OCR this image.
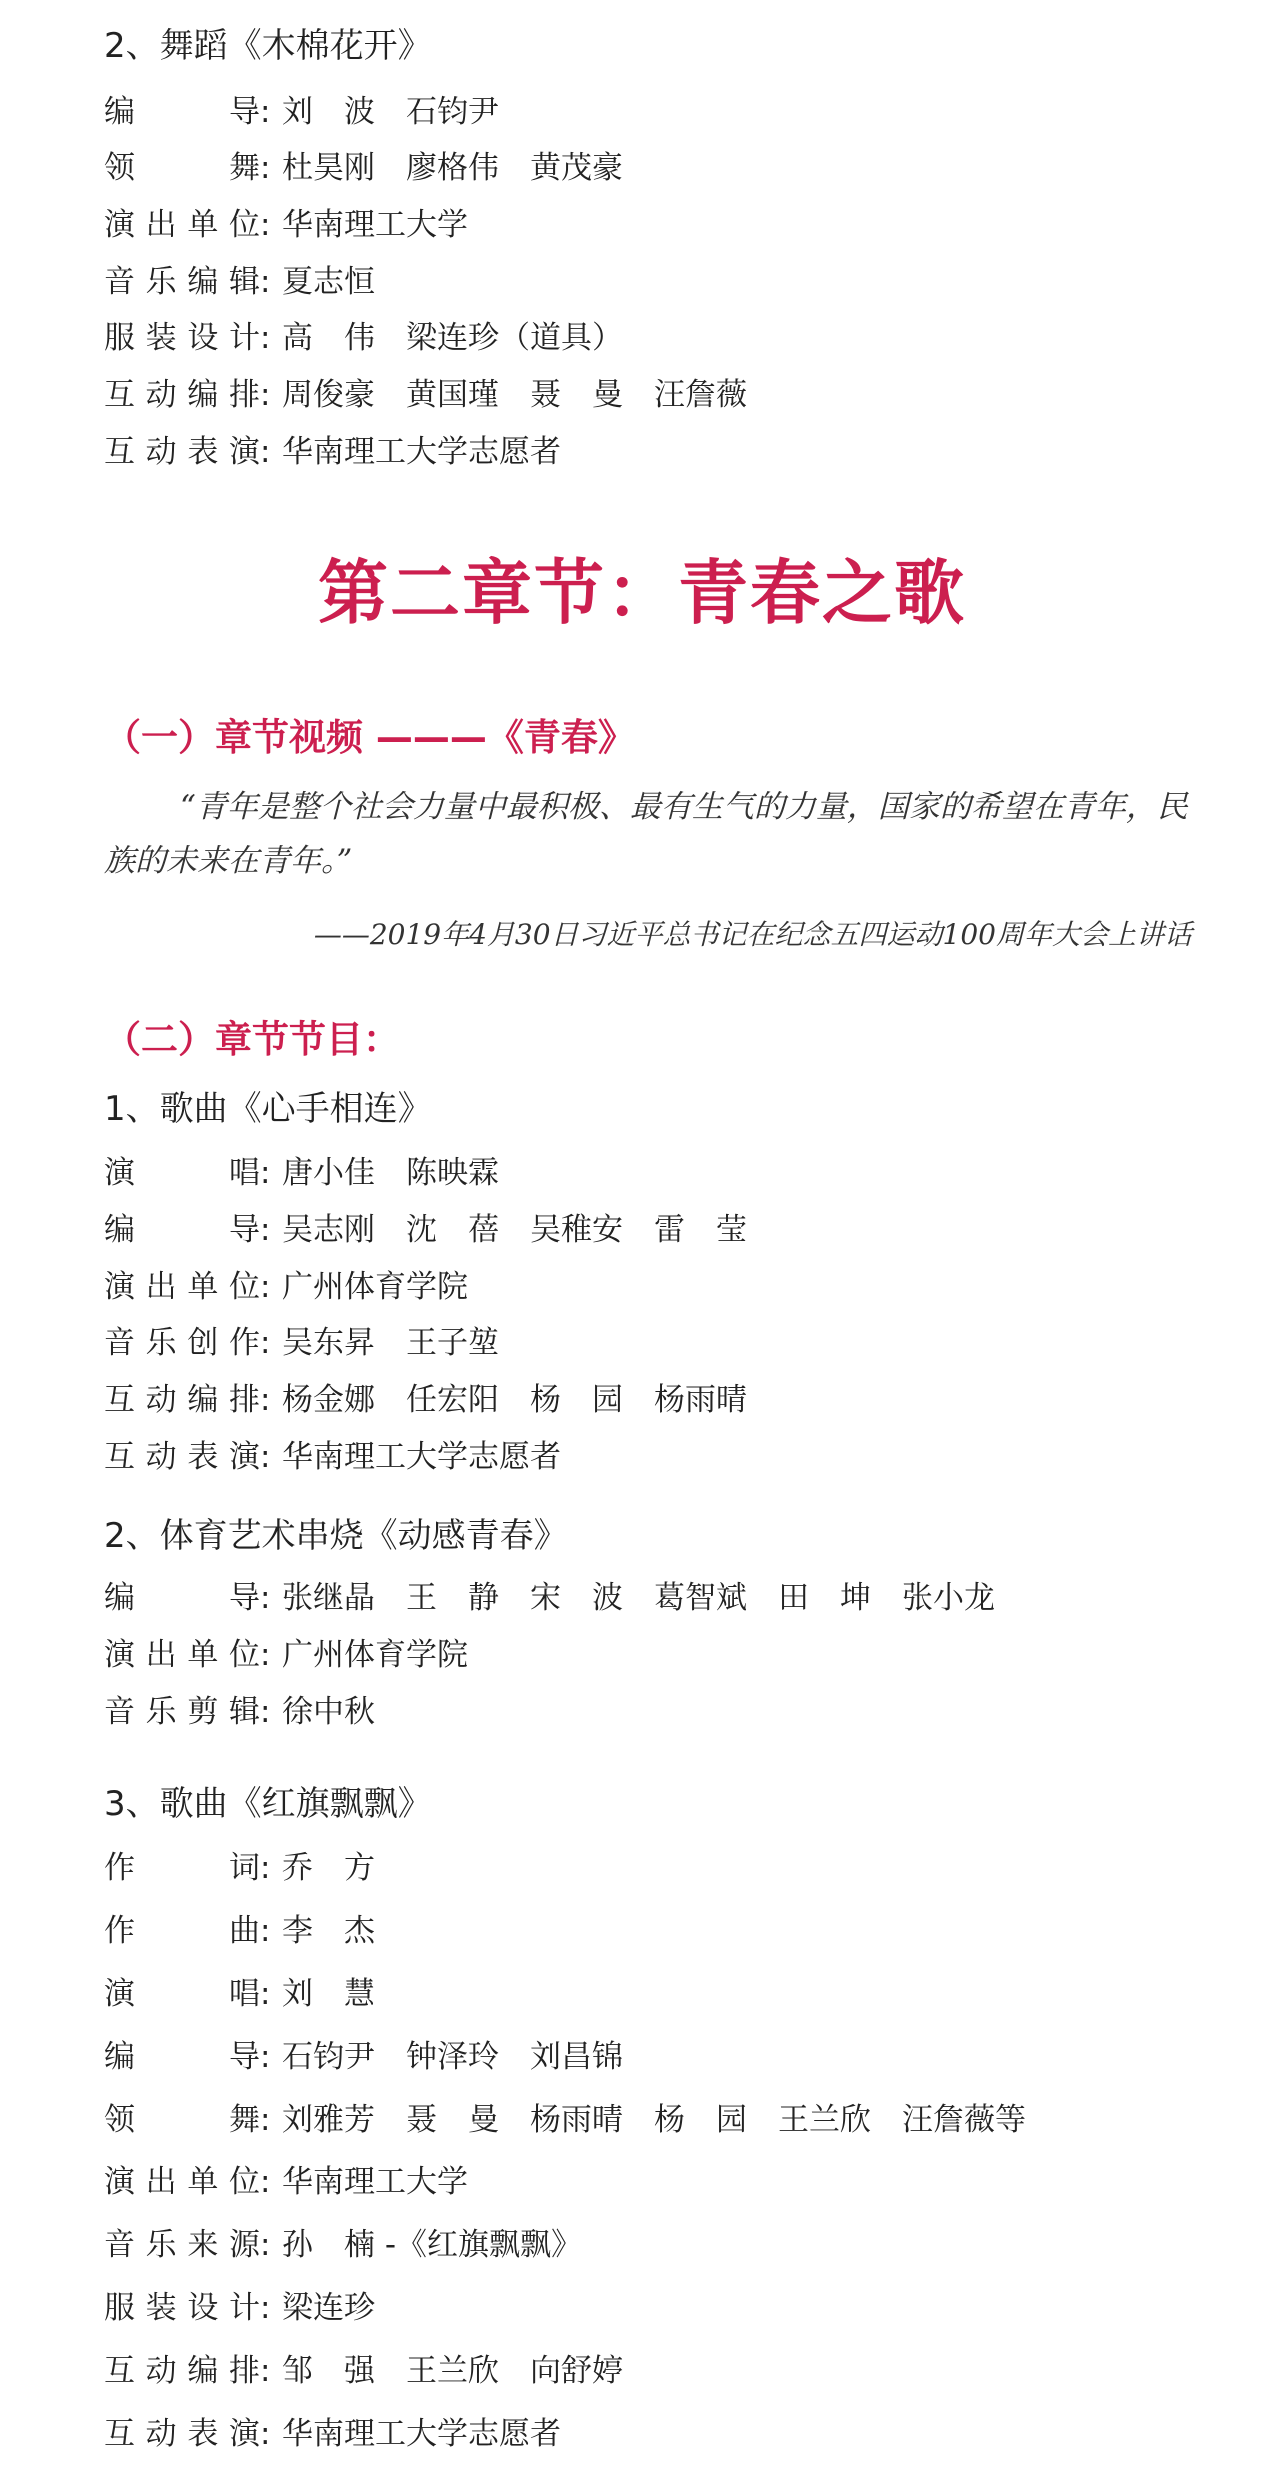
2、舞蹈《木棉花开》
编导: 刘　波　石钧尹
领舞: 杜昊刚　廖格伟　黄茂豪
演出单位: 华南理工大学
音乐编辑: 夏志恒
服装设计: 高　伟　梁连珍（道具）
互动编排: 周俊豪　黄国瑾　聂　曼　汪詹薇
互动表演: 华南理工大学志愿者
第二章节：青春之歌
（一）章节视频 ———《青春》
“青年是整个社会力量中最积极、最有生气的力量，国家的希望在青年，民族的未来在青年。”
——2019年4月30日习近平总书记在纪念五四运动100周年大会上讲话
（二）章节节目：
1、歌曲《心手相连》
演唱: 唐小佳　陈映霖
编导: 吴志刚　沈　蓓　吴稚安　雷　莹
演出单位: 广州体育学院
音乐创作: 吴东昇　王子堃
互动编排: 杨金娜　任宏阳　杨　园　杨雨晴
互动表演: 华南理工大学志愿者
2、体育艺术串烧《动感青春》
编导: 张继晶　王　静　宋　波　葛智斌　田　坤　张小龙
演出单位: 广州体育学院
音乐剪辑: 徐中秋
3、歌曲《红旗飘飘》
作词: 乔　方
作曲: 李　杰
演唱: 刘　慧
编导: 石钧尹　钟泽玲　刘昌锦
领舞: 刘雅芳　聂　曼　杨雨晴　杨　园　王兰欣　汪詹薇等
演出单位: 华南理工大学
音乐来源: 孙　楠 -《红旗飘飘》
服装设计: 梁连珍
互动编排: 邹　强　王兰欣　向舒婷
互动表演: 华南理工大学志愿者
